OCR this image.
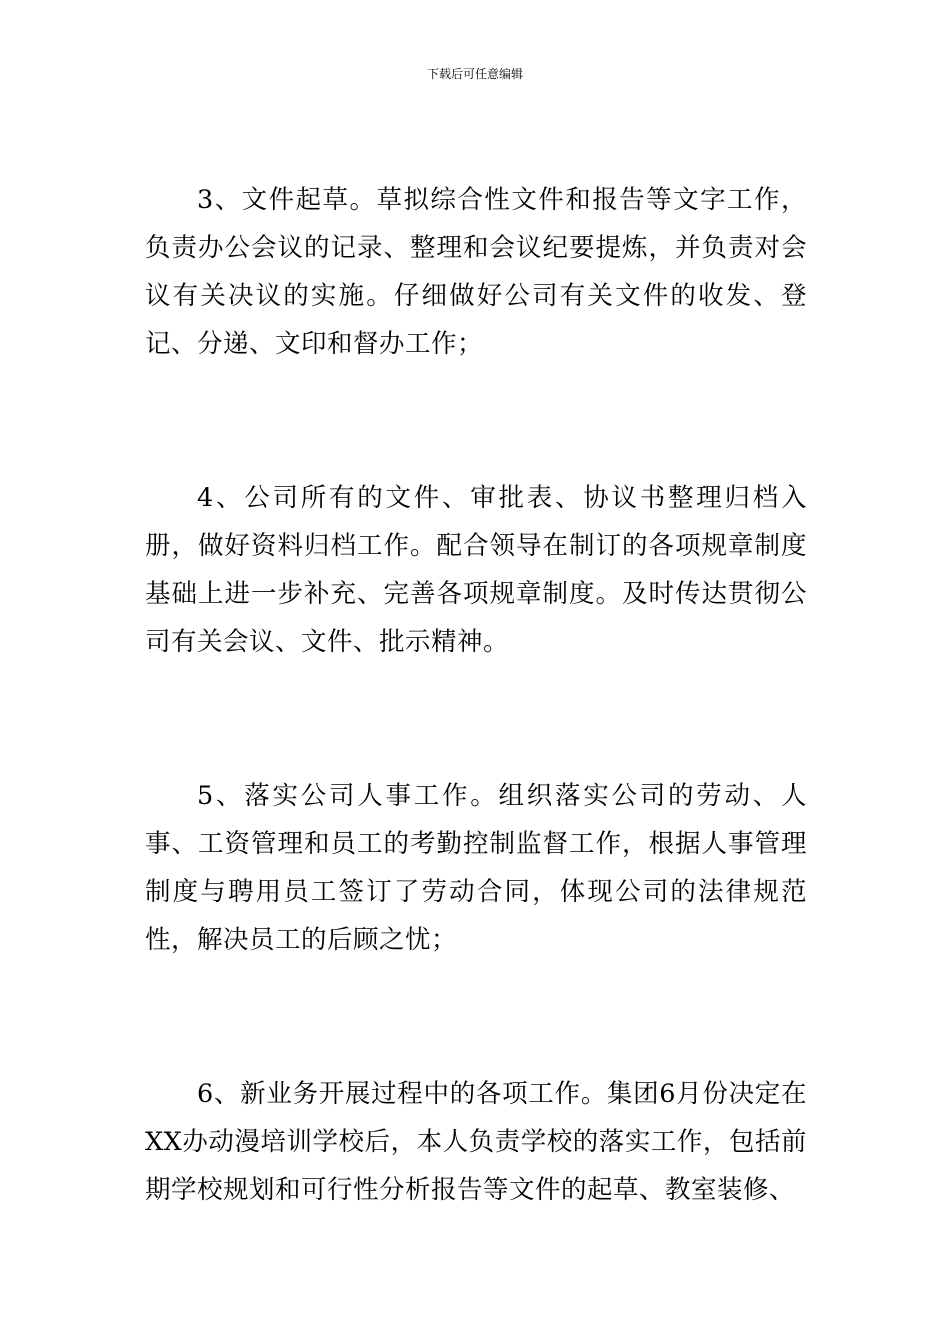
下载后可任意编辑

3、文件起草。草拟综合性文件和报告等文字工作，负责办公会议的记录、整理和会议纪要提炼，并负责对会议有关决议的实施。仔细做好公司有关文件的收发、登记、分递、文印和督办工作；

4、公司所有的文件、审批表、协议书整理归档入册，做好资料归档工作。配合领导在制订的各项规章制度基础上进一步补充、完善各项规章制度。及时传达贯彻公司有关会议、文件、批示精神。

5、落实公司人事工作。组织落实公司的劳动、人事、工资管理和员工的考勤控制监督工作，根据人事管理制度与聘用员工签订了劳动合同，体现公司的法律规范性，解决员工的后顾之忧；

6、新业务开展过程中的各项工作。集团6月份决定在XX办动漫培训学校后，本人负责学校的落实工作，包括前期学校规划和可行性分析报告等文件的起草、教室装修、
